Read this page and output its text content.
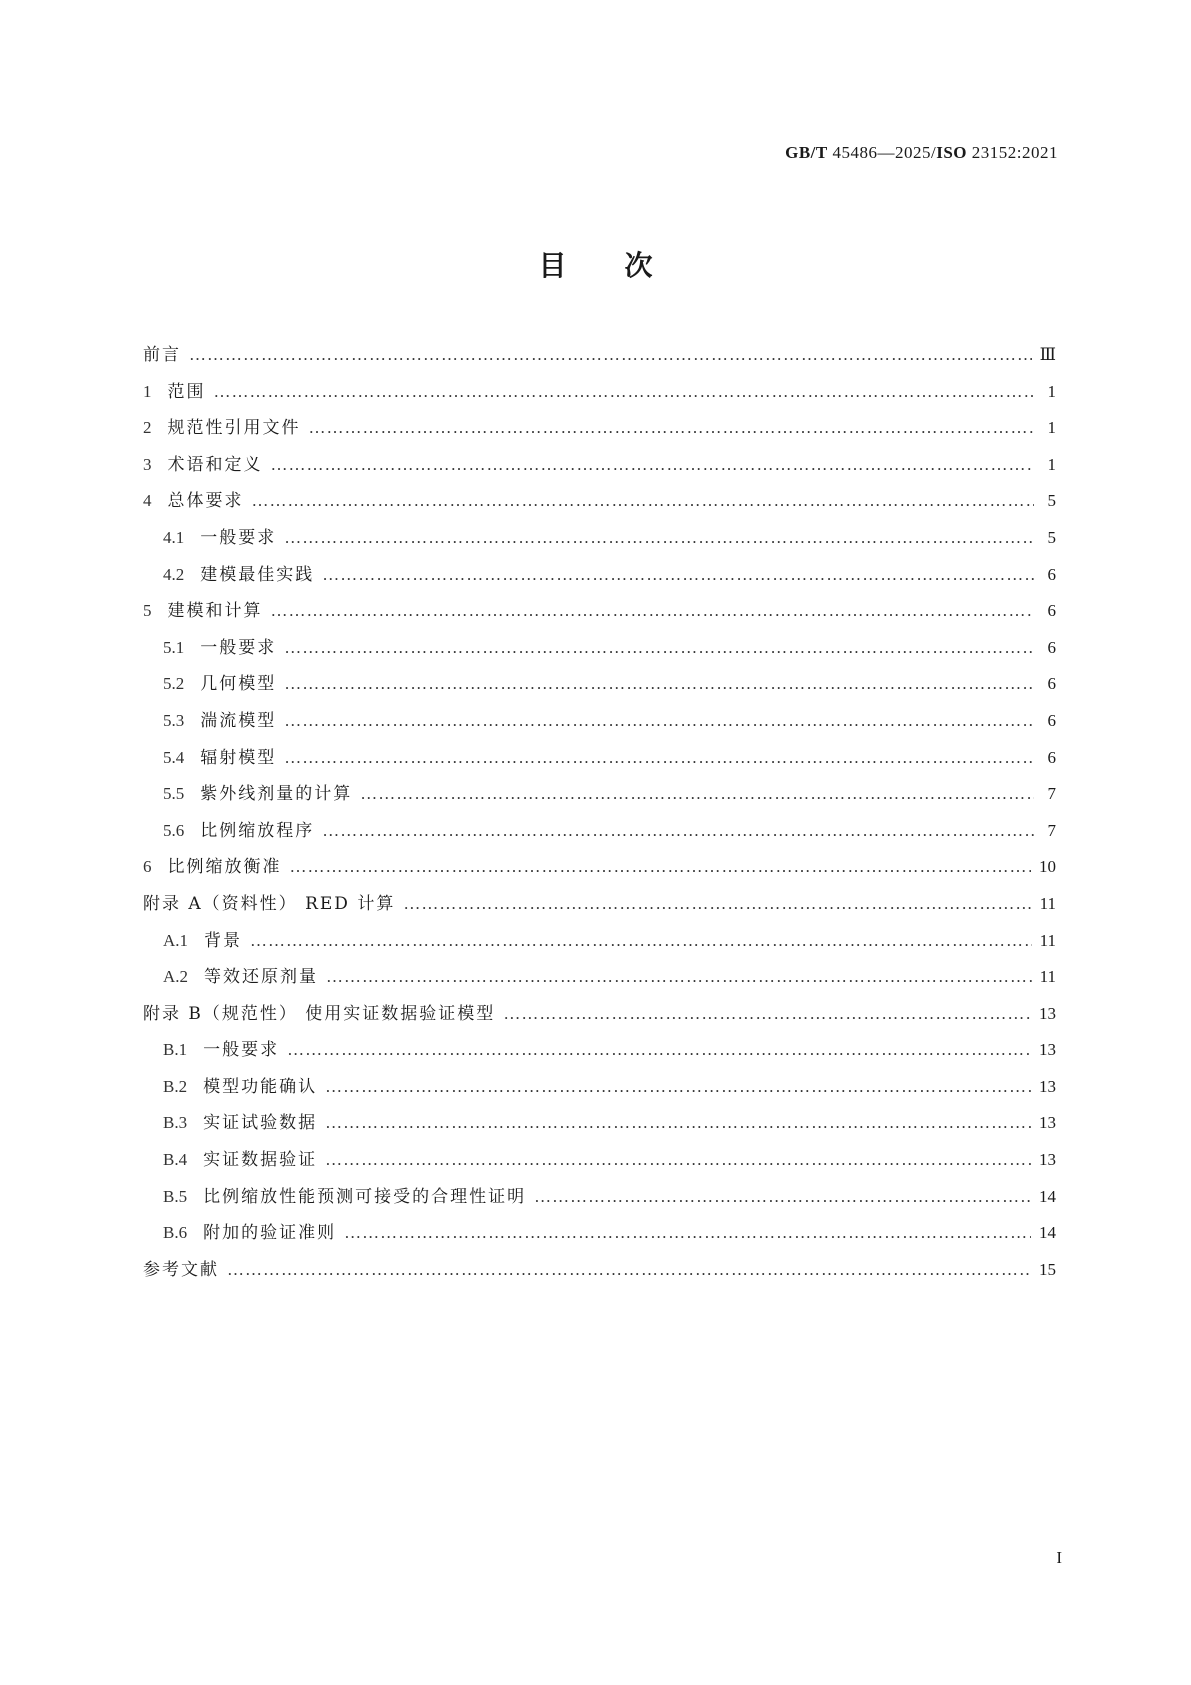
GB/T 45486—2025/ISO 23152:2021
目次
前言 ………………………………………………………………………………………………………………………………………………………………………………………………………………	Ⅲ
1 范围 ………………………………………………………………………………………………………………………………………………………………………………………………………………	1
2 规范性引用文件 ………………………………………………………………………………………………………………………………………………………………………………………………………………	1
3 术语和定义 ………………………………………………………………………………………………………………………………………………………………………………………………………………	1
4 总体要求 ………………………………………………………………………………………………………………………………………………………………………………………………………………	5
4.1 一般要求 ………………………………………………………………………………………………………………………………………………………………………………………………………………	5
4.2 建模最佳实践 ………………………………………………………………………………………………………………………………………………………………………………………………………………	6
5 建模和计算 ………………………………………………………………………………………………………………………………………………………………………………………………………………	6
5.1 一般要求 ………………………………………………………………………………………………………………………………………………………………………………………………………………	6
5.2 几何模型 ………………………………………………………………………………………………………………………………………………………………………………………………………………	6
5.3 湍流模型 ………………………………………………………………………………………………………………………………………………………………………………………………………………	6
5.4 辐射模型 ………………………………………………………………………………………………………………………………………………………………………………………………………………	6
5.5 紫外线剂量的计算 ………………………………………………………………………………………………………………………………………………………………………………………………………………	7
5.6 比例缩放程序 ………………………………………………………………………………………………………………………………………………………………………………………………………………	7
6 比例缩放衡准 ………………………………………………………………………………………………………………………………………………………………………………………………………………	10
附录 A（资料性） RED 计算 ………………………………………………………………………………………………………………………………………………………………………………………………………………	11
A.1 背景 ………………………………………………………………………………………………………………………………………………………………………………………………………………	11
A.2 等效还原剂量 ………………………………………………………………………………………………………………………………………………………………………………………………………………	11
附录 B（规范性） 使用实证数据验证模型 ………………………………………………………………………………………………………………………………………………………………………………………………………………	13
B.1 一般要求 ………………………………………………………………………………………………………………………………………………………………………………………………………………	13
B.2 模型功能确认 ………………………………………………………………………………………………………………………………………………………………………………………………………………	13
B.3 实证试验数据 ………………………………………………………………………………………………………………………………………………………………………………………………………………	13
B.4 实证数据验证 ………………………………………………………………………………………………………………………………………………………………………………………………………………	13
B.5 比例缩放性能预测可接受的合理性证明 ………………………………………………………………………………………………………………………………………………………………………………………………………………	14
B.6 附加的验证准则 ………………………………………………………………………………………………………………………………………………………………………………………………………………	14
参考文献 ………………………………………………………………………………………………………………………………………………………………………………………………………………	15
I
